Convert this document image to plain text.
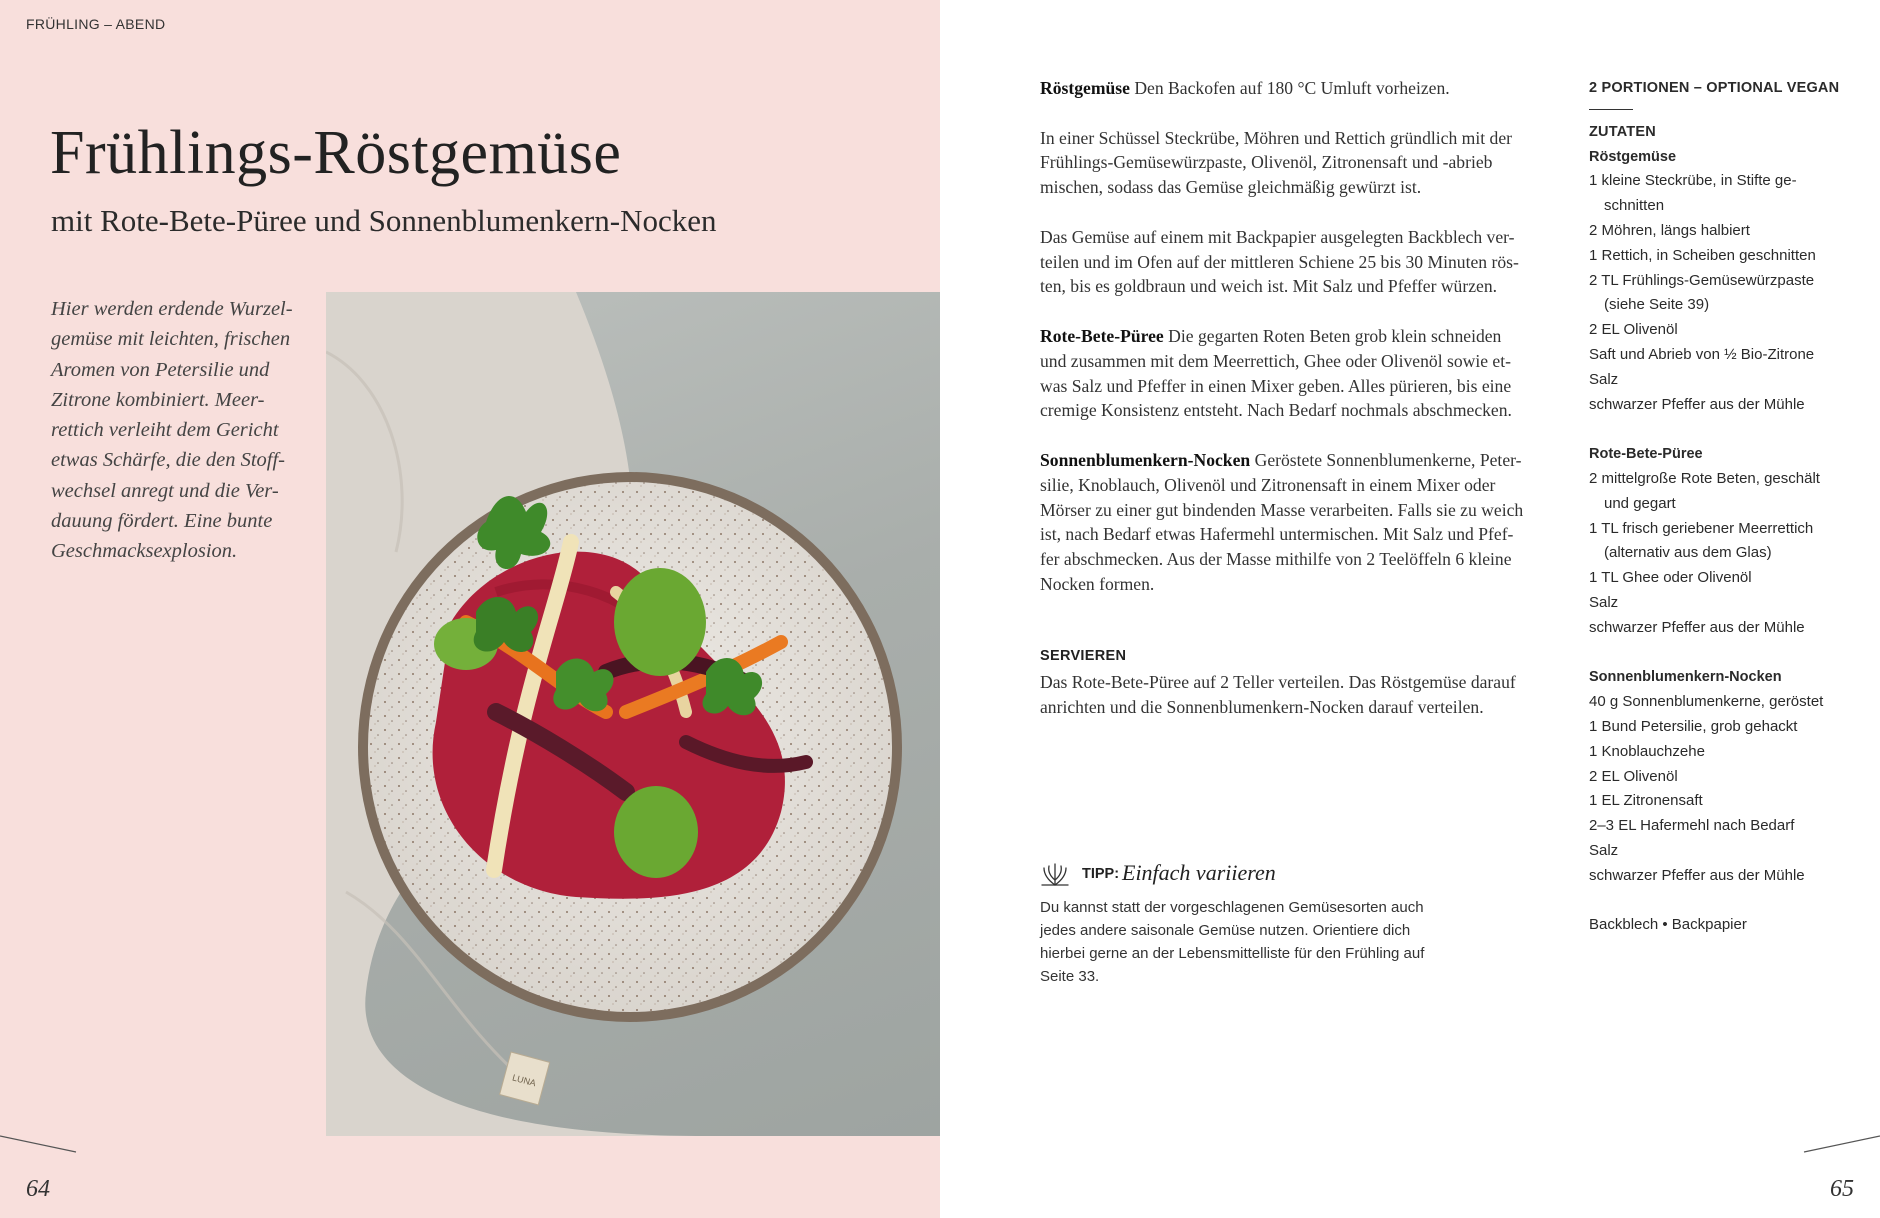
FRÜHLING – ABEND
Frühlings-Röstgemüse
mit Rote-Bete-Püree und Sonnenblumenkern-Nocken
Hier werden erdende Wurzel-
gemüse mit leichten, frischen
Aromen von Petersilie und
Zitrone kombiniert. Meer-
rettich verleiht dem Gericht
etwas Schärfe, die den Stoff-
wechsel anregt und die Ver-
dauung fördert. Eine bunte
Geschmacksexplosion.
LUNA
64

Röstgemüse Den Backofen auf 180 °C Umluft vorheizen.

In einer Schüssel Steckrübe, Möhren und Rettich gründlich mit der
Frühlings-Gemüsewürzpaste, Olivenöl, Zitronensaft und -abrieb
mischen, sodass das Gemüse gleichmäßig gewürzt ist.

Das Gemüse auf einem mit Backpapier ausgelegten Backblech ver-
teilen und im Ofen auf der mittleren Schiene 25 bis 30 Minuten rös-
ten, bis es goldbraun und weich ist. Mit Salz und Pfeffer würzen.

Rote-Bete-Püree Die gegarten Roten Beten grob klein schneiden
und zusammen mit dem Meerrettich, Ghee oder Olivenöl sowie et-
was Salz und Pfeffer in einen Mixer geben. Alles pürieren, bis eine
cremige Konsistenz entsteht. Nach Bedarf nochmals abschmecken.

Sonnenblumenkern-Nocken Geröstete Sonnenblumenkerne, Peter-
silie, Knoblauch, Olivenöl und Zitronensaft in einem Mixer oder
Mörser zu einer gut bindenden Masse verarbeiten. Falls sie zu weich
ist, nach Bedarf etwas Hafermehl untermischen. Mit Salz und Pfef-
fer abschmecken. Aus der Masse mithilfe von 2 Teelöffeln 6 kleine
Nocken formen.

SERVIEREN
Das Rote-Bete-Püree auf 2 Teller verteilen. Das Röstgemüse darauf
anrichten und die Sonnenblumenkern-Nocken darauf verteilen.
TIPP: Einfach variieren
Du kannst statt der vorgeschlagenen Gemüsesorten auch
jedes andere saisonale Gemüse nutzen. Orientiere dich
hierbei gerne an der Lebensmittelliste für den Frühling auf
Seite 33.
2 PORTIONEN – OPTIONAL VEGAN
ZUTATEN
Röstgemüse
1 kleine Steckrübe, in Stifte ge-
schnitten
2 Möhren, längs halbiert
1 Rettich, in Scheiben geschnitten
2 TL Frühlings-Gemüsewürzpaste
(siehe Seite 39)
2 EL Olivenöl
Saft und Abrieb von ½ Bio-Zitrone
Salz
schwarzer Pfeffer aus der Mühle
Rote-Bete-Püree
2 mittelgroße Rote Beten, geschält
und gegart
1 TL frisch geriebener Meerrettich
(alternativ aus dem Glas)
1 TL Ghee oder Olivenöl
Salz
schwarzer Pfeffer aus der Mühle
Sonnenblumenkern-Nocken
40 g Sonnenblumenkerne, geröstet
1 Bund Petersilie, grob gehackt
1 Knoblauchzehe
2 EL Olivenöl
1 EL Zitronensaft
2–3 EL Hafermehl nach Bedarf
Salz
schwarzer Pfeffer aus der Mühle
Backblech • Backpapier
65
